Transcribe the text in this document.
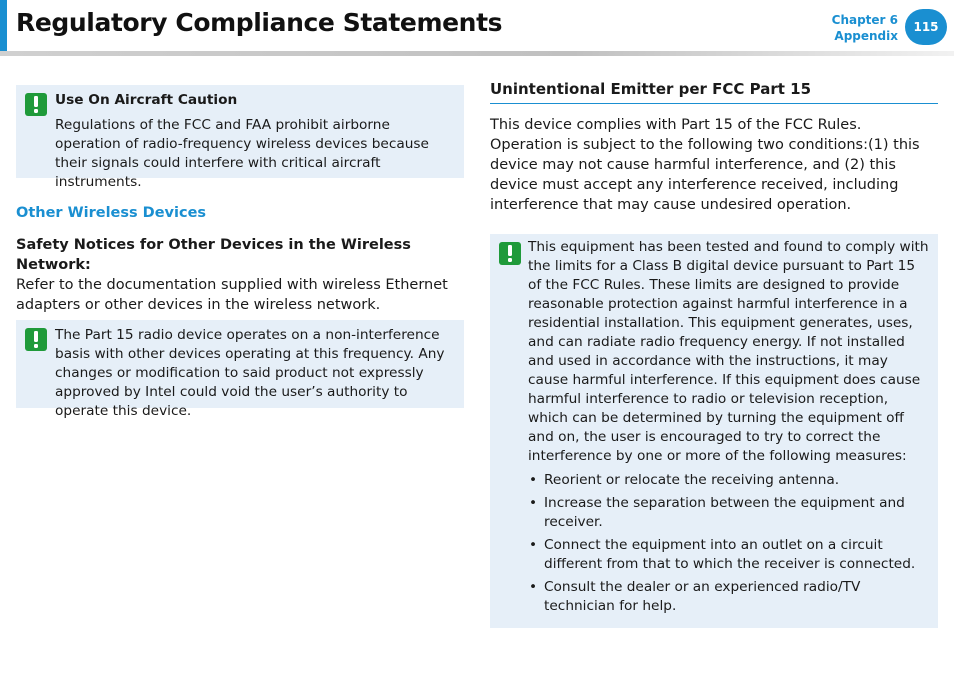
Regulatory Compliance Statements	Chapter 6
Appendix
115
Use On Aircraft Caution

Regulations of the FCC and FAA prohibit airborne operation of radio-frequency wireless devices because their signals could interfere with critical aircraft instruments.

Other Wireless Devices
Safety Notices for Other Devices in the Wireless Network:
Refer to the documentation supplied with wireless Ethernet adapters or other devices in the wireless network.

The Part 15 radio device operates on a non-interference basis with other devices operating at this frequency. Any changes or modification to said product not expressly approved by Intel could void the user’s authority to operate this device.

Unintentional Emitter per FCC Part 15

This device complies with Part 15 of the FCC Rules. Operation is subject to the following two conditions:(1) this device may not cause harmful interference, and (2) this device must accept any interference received, including interference that may cause undesired operation.

This equipment has been tested and found to comply with the limits for a Class B digital device pursuant to Part 15 of the FCC Rules. These limits are designed to provide reasonable protection against harmful interference in a residential installation. This equipment generates, uses, and can radiate radio frequency energy. If not installed and used in accordance with the instructions, it may cause harmful interference. If this equipment does cause harmful interference to radio or television reception, which can be determined by turning the equipment off and on, the user is encouraged to try to correct the interference by one or more of the following measures:

• Reorient or relocate the receiving antenna.
• Increase the separation between the equipment and receiver.
• Connect the equipment into an outlet on a circuit different from that to which the receiver is connected.
• Consult the dealer or an experienced radio/TV technician for help.
